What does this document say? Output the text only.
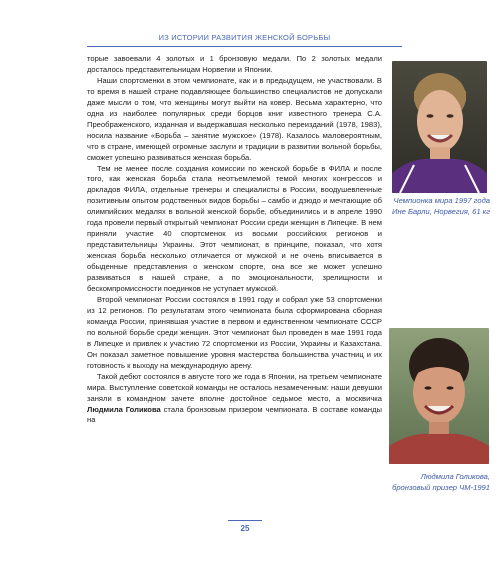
ИЗ ИСТОРИИ РАЗВИТИЯ ЖЕНСКОЙ БОРЬБЫ

торые завоевали 4 золотых и 1 бронзовую медали. По 2 золотых медали досталось представительницам Норвегии и Японии.

Наши спортсменки в этом чемпионате, как и в предыдущем, не участвовали. В то время в нашей стране подавляющее большинство специалистов не допускали даже мысли о том, что женщины могут выйти на ковер. Весьма характерно, что одна из наиболее популярных среди борцов книг известного тренера С.А. Преображенского, изданная и выдержавшая несколько переизданий (1978, 1983), носила название «Борьба – занятие мужское» (1978). Казалось маловероятным, что в стране, имеющей огромные заслуги и традиции в развитии вольной борьбы, сможет успешно развиваться женская борьба.

Тем не менее после создания комиссии по женской борьбе в ФИЛА и после того, как женская борьба стала неотъемлемой темой многих конгрессов и докладов ФИЛА, отдельные тренеры и специалисты в России, воодушевленные позитивным опытом родственных видов борьбы – самбо и дзюдо и мечтающие об олимпийских медалях в вольной женской борьбе, объединились и в апреле 1990 года провели первый открытый чемпионат России среди женщин в Липецке. В нем приняли участие 40 спортсменок из восьми российских регионов и представительницы Украины. Этот чемпионат, в принципе, показал, что хотя женская борьба несколько отличается от мужской и не очень вписывается в обыденные представления о женском спорте, она все же может успешно развиваться в нашей стране, а по эмоциональности, зрелищности и бескомпромиссности поединков не уступает мужской.

Второй чемпионат России состоялся в 1991 году и собрал уже 53 спортсменки из 12 регионов. По результатам этого чемпионата была сформирована сборная команда России, принявшая участие в первом и единственном чемпионате СССР по вольной борьбе среди женщин. Этот чемпионат был проведен в мае 1991 года в Липецке и привлек к участию 72 спортсменки из России, Украины и Казахстана. Он показал заметное повышение уровня мастерства большинства участниц и их готовность к выходу на международную арену.

Такой дебют состоялся в августе того же года в Японии, на третьем чемпионате мира. Выступление советской команды не осталось незамеченным: наши девушки заняли в командном зачете вполне достойное седьмое место, а москвичка Людмила Голикова стала бронзовым призером чемпионата. В составе команды на

Чемпионка мира 1997 года Ине Барли, Норвегия, 61 кг
Людмила Голикова, бронзовый призер ЧМ-1991
25
